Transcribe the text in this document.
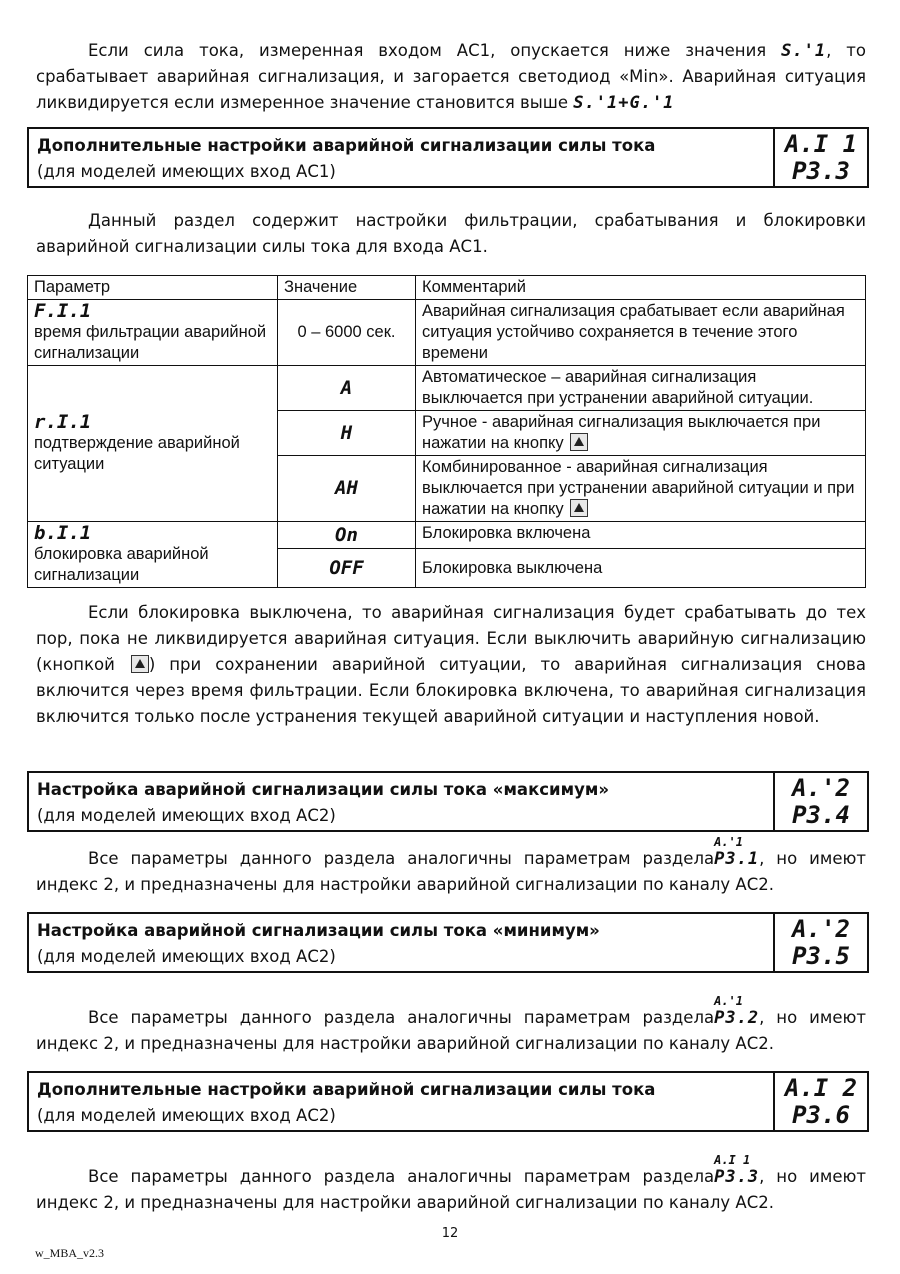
Если сила тока, измеренная входом АС1, опускается ниже значения S.'1, то срабатывает аварийная сигнализация, и загорается светодиод «Min». Аварийная ситуация ликвидируется если измеренное значение становится выше S.'1+G.'1
Дополнительные настройки аварийной сигнализации силы тока
(для моделей имеющих вход АС1)
A.I 1
P3.3
Данный раздел содержит настройки фильтрации, срабатывания и блокировки аварийной сигнализации силы тока для входа АС1.
Параметр	Значение	Комментарий

F.I.1
время фильтрации аварийной сигнализации	0 – 6000 сек.	Аварийная сигнализация срабатывает если аварийная ситуация устойчиво сохраняется в течение этого времени

r.I.1
подтверждение аварийной ситуации	A	Автоматическое – аварийная сигнализация выключается при устранении аварийной ситуации.
	H	Ручное - аварийная сигнализация выключается при нажатии на кнопку
	AH	Комбинированное - аварийная сигнализация выключается при устранении аварийной ситуации и при нажатии на кнопку

b.I.1
блокировка аварийной сигнализации	On	Блокировка включена
	OFF	Блокировка выключена
Если блокировка выключена, то аварийная сигнализация будет срабатывать до тех пор, пока не ликвидируется аварийная ситуация. Если выключить аварийную сигнализацию (кнопкой ) при сохранении аварийной ситуации, то аварийная сигнализация снова включится через время фильтрации. Если блокировка включена, то аварийная сигнализация включится только после устранения текущей аварийной ситуации и наступления новой.
Настройка аварийной сигнализации силы тока «максимум»
(для моделей имеющих вход АС2)
A.'2
P3.4
Все параметры данного раздела аналогичны параметрам раздела
A.'1
P3.1, но имеют индекс 2, и предназначены для настройки аварийной сигнализации по каналу АС2.
Настройка аварийной сигнализации силы тока «минимум»
(для моделей имеющих вход АС2)
A.'2
P3.5
Все параметры данного раздела аналогичны параметрам раздела
A.'1
P3.2, но имеют индекс 2, и предназначены для настройки аварийной сигнализации по каналу АС2.
Дополнительные настройки аварийной сигнализации силы тока
(для моделей имеющих вход АС2)
A.I 2
P3.6
Все параметры данного раздела аналогичны параметрам раздела
A.I 1
P3.3, но имеют индекс 2, и предназначены для настройки аварийной сигнализации по каналу АС2.
12
w_MBA_v2.3
